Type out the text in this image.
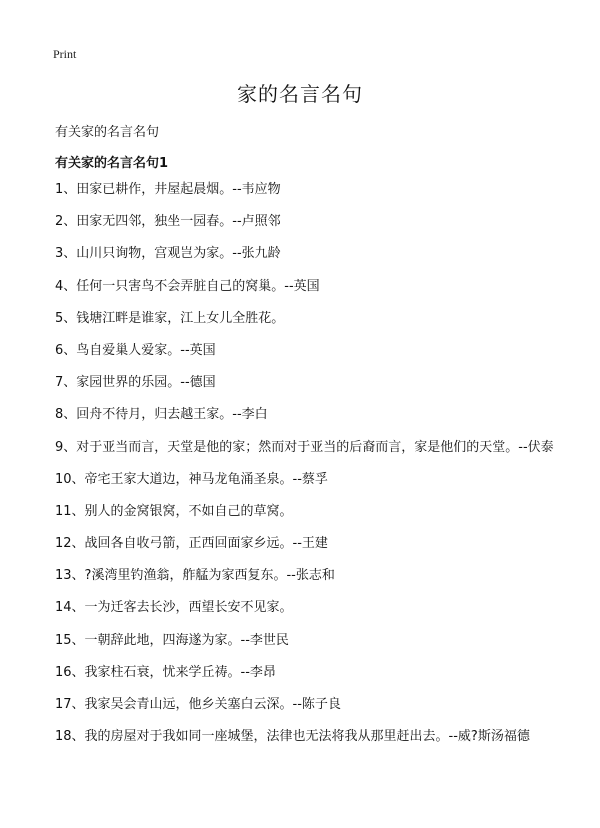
Print
家的名言名句
有关家的名言名句
有关家的名言名句1
1、田家已耕作，井屋起晨烟。--韦应物
2、田家无四邻，独坐一园春。--卢照邻
3、山川只询物，宫观岂为家。--张九龄
4、任何一只害鸟不会弄脏自己的窝巢。--英国
5、钱塘江畔是谁家，江上女儿全胜花。
6、鸟自爱巢人爱家。--英国
7、家园世界的乐园。--德国
8、回舟不待月，归去越王家。--李白
9、对于亚当而言，天堂是他的家；然而对于亚当的后裔而言，家是他们的天堂。--伏泰
10、帝宅王家大道边，神马龙龟涌圣泉。--蔡孚
11、别人的金窝银窝，不如自己的草窝。
12、战回各自收弓箭，正西回面家乡远。--王建
13、?溪湾里钓渔翁，舴艋为家西复东。--张志和
14、一为迁客去长沙，西望长安不见家。
15、一朝辞此地，四海遂为家。--李世民
16、我家柱石衰，忧来学丘祷。--李昂
17、我家吴会青山远，他乡关塞白云深。--陈子良
18、我的房屋对于我如同一座城堡，法律也无法将我从那里赶出去。--威?斯汤福德
